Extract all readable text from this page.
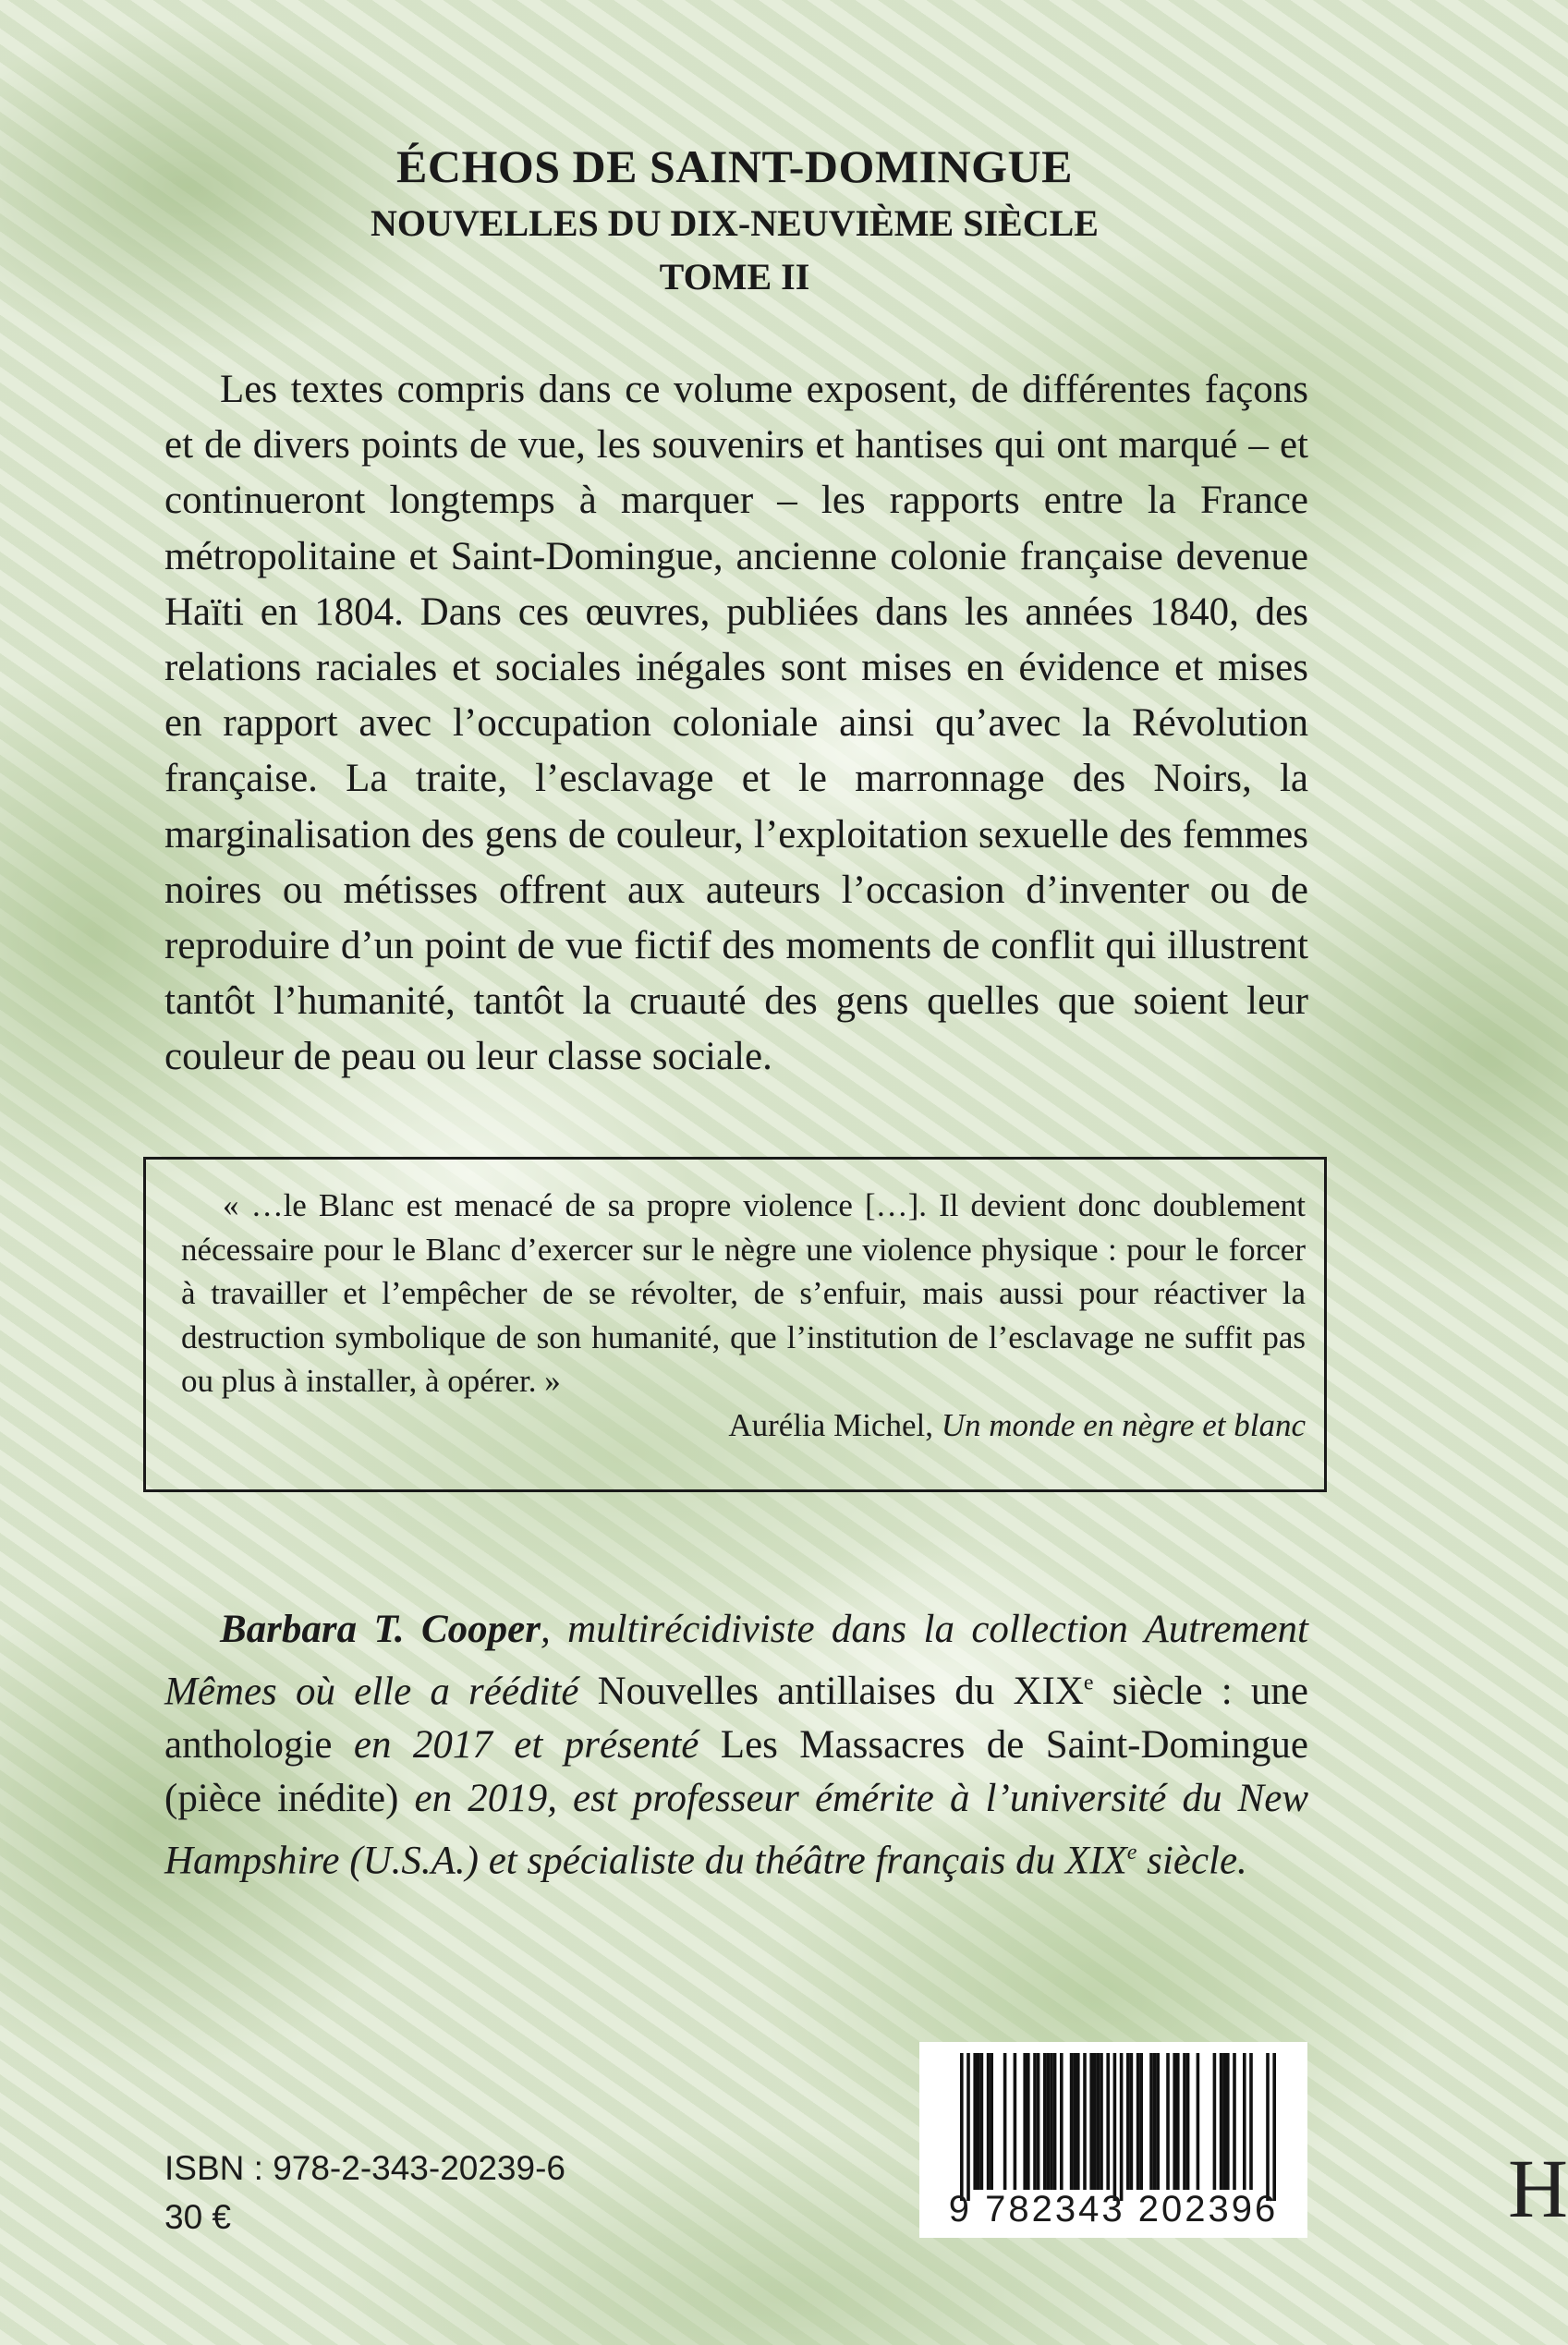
ÉCHOS DE SAINT-DOMINGUE

NOUVELLES DU DIX-NEUVIÈME SIÈCLE

TOME II

Les textes compris dans ce volume exposent, de différentes façons et de divers points de vue, les souvenirs et hantises qui ont marqué – et continueront longtemps à marquer – les rapports entre la France métropolitaine et Saint-Domingue, ancienne colonie française devenue Haïti en 1804. Dans ces œuvres, publiées dans les années 1840, des relations raciales et sociales inégales sont mises en évidence et mises en rapport avec l’occupation coloniale ainsi qu’avec la Révolution française. La traite, l’esclavage et le marronnage des Noirs, la marginalisation des gens de couleur, l’exploitation sexuelle des femmes noires ou métisses offrent aux auteurs l’occasion d’inventer ou de reproduire d’un point de vue fictif des moments de conflit qui illustrent tantôt l’humanité, tantôt la cruauté des gens quelles que soient leur couleur de peau ou leur classe sociale.

« …le Blanc est menacé de sa propre violence […]. Il devient donc doublement nécessaire pour le Blanc d’exercer sur le nègre une violence physique : pour le forcer à travailler et l’empêcher de se révolter, de s’enfuir, mais aussi pour réactiver la destruction symbolique de son humanité, que l’institution de l’esclavage ne suffit pas ou plus à installer, à opérer. »

Aurélia Michel, Un monde en nègre et blanc

Barbara T. Cooper, multirécidiviste dans la collection Autrement Mêmes où elle a réédité Nouvelles antillaises du XIXe siècle : une anthologie en 2017 et présenté Les Massacres de Saint-Domingue (pièce inédite) en 2019, est professeur émérite à l’université du New Hampshire (U.S.A.) et spécialiste du théâtre français du XIXe siècle.

ISBN : 978-2-343-20239-6
30 €	9 782343 202396	H
